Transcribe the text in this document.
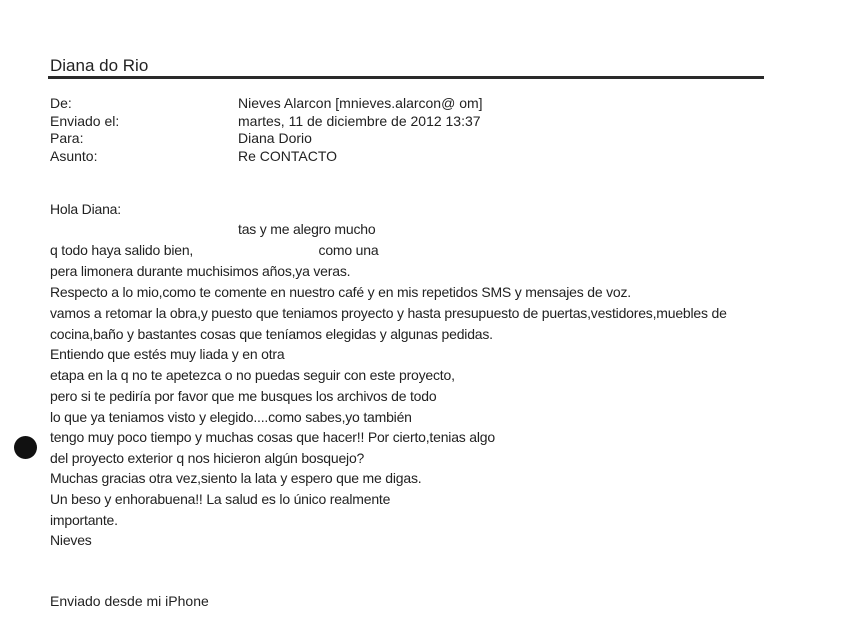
Diana do Rio
De:	Nieves Alarcon [mnieves.alarcon@ om]
Enviado el:	martes, 11 de diciembre de 2012 13:37
Para:	Diana Dorio
Asunto:	Re CONTACTO
Hola Diana:
tas y me alegro mucho
q todo haya salido bien,                                  como una
pera limonera durante muchisimos años,ya veras.
Respecto a lo mio,como te comente en nuestro café y en mis repetidos SMS y mensajes de voz.
vamos a retomar la obra,y puesto que teniamos proyecto y hasta presupuesto de puertas,vestidores,muebles de
cocina,baño y bastantes cosas que teníamos elegidas y algunas pedidas.
Entiendo que estés muy liada y en otra
etapa en la q no te apetezca o no puedas seguir con este proyecto,
pero si te pediría por favor que me busques los archivos de todo
lo que ya teniamos visto y elegido....como sabes,yo también
tengo muy poco tiempo y muchas cosas que hacer!! Por cierto,tenias algo
del proyecto exterior q nos hicieron algún bosquejo?
Muchas gracias otra vez,siento la lata y espero que me digas.
Un beso y enhorabuena!! La salud es lo único realmente
importante.
Nieves
Enviado desde mi iPhone
